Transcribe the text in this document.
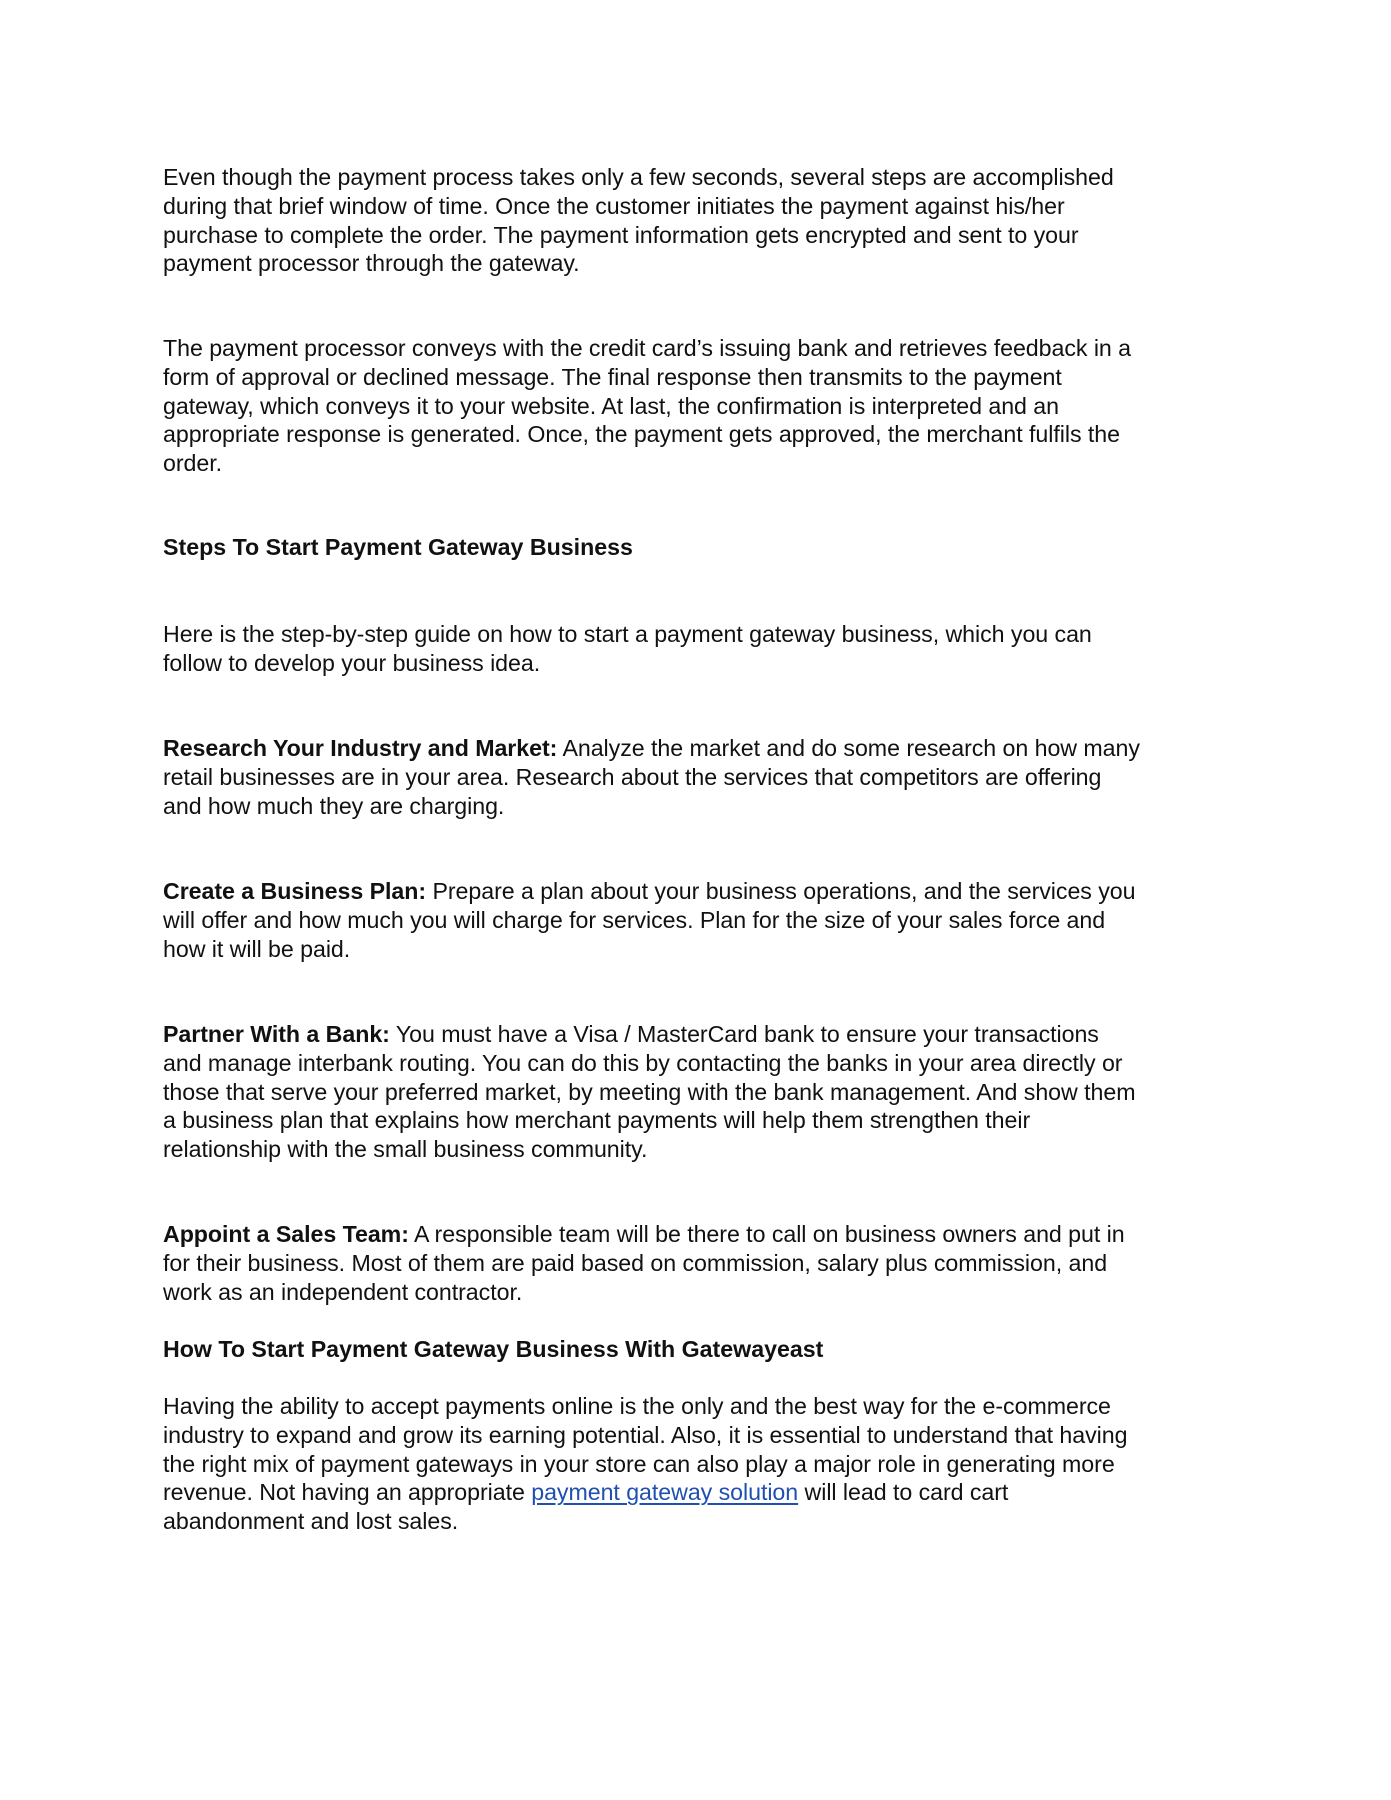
Even though the payment process takes only a few seconds, several steps are accomplished
during that brief window of time. Once the customer initiates the payment against his/her
purchase to complete the order. The payment information gets encrypted and sent to your
payment processor through the gateway.

The payment processor conveys with the credit card’s issuing bank and retrieves feedback in a
form of approval or declined message. The final response then transmits to the payment
gateway, which conveys it to your website. At last, the confirmation is interpreted and an
appropriate response is generated. Once, the payment gets approved, the merchant fulfils the
order.

Steps To Start Payment Gateway Business

Here is the step-by-step guide on how to start a payment gateway business, which you can
follow to develop your business idea.

Research Your Industry and Market: Analyze the market and do some research on how many
retail businesses are in your area. Research about the services that competitors are offering
and how much they are charging.

Create a Business Plan: Prepare a plan about your business operations, and the services you
will offer and how much you will charge for services. Plan for the size of your sales force and
how it will be paid.

Partner With a Bank: You must have a Visa / MasterCard bank to ensure your transactions
and manage interbank routing. You can do this by contacting the banks in your area directly or
those that serve your preferred market, by meeting with the bank management. And show them
a business plan that explains how merchant payments will help them strengthen their
relationship with the small business community.

Appoint a Sales Team: A responsible team will be there to call on business owners and put in
for their business. Most of them are paid based on commission, salary plus commission, and
work as an independent contractor.

How To Start Payment Gateway Business With Gatewayeast

Having the ability to accept payments online is the only and the best way for the e-commerce
industry to expand and grow its earning potential. Also, it is essential to understand that having
the right mix of payment gateways in your store can also play a major role in generating more
revenue. Not having an appropriate payment gateway solution will lead to card cart
abandonment and lost sales.
